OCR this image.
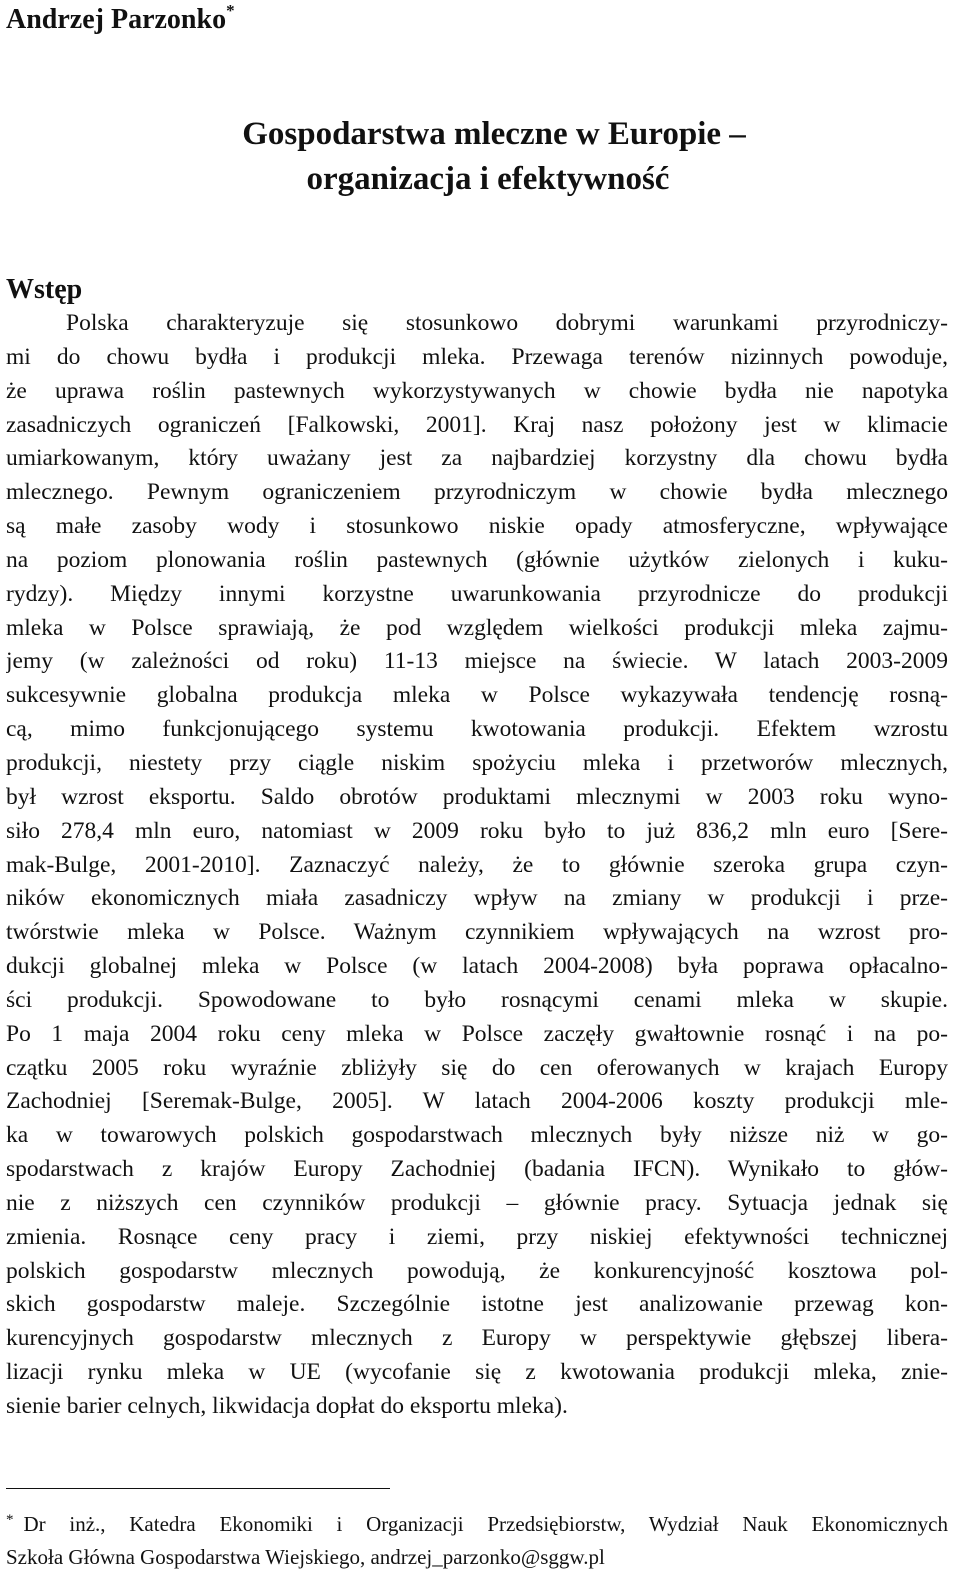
Andrzej Parzonko*
Gospodarstwa mleczne w Europie –
organizacja i efektywność
Wstęp
Polska charakteryzuje się stosunkowo dobrymi warunkami przyrodniczy-
mi do chowu bydła i produkcji mleka. Przewaga terenów nizinnych powoduje,
że uprawa roślin pastewnych wykorzystywanych w chowie bydła nie napotyka
zasadniczych ograniczeń [Falkowski, 2001]. Kraj nasz położony jest w klimacie
umiarkowanym, który uważany jest za najbardziej korzystny dla chowu bydła
mlecznego. Pewnym ograniczeniem przyrodniczym w chowie bydła mlecznego
są małe zasoby wody i stosunkowo niskie opady atmosferyczne, wpływające
na poziom plonowania roślin pastewnych (głównie użytków zielonych i kuku-
rydzy). Między innymi korzystne uwarunkowania przyrodnicze do produkcji
mleka w Polsce sprawiają, że pod względem wielkości produkcji mleka zajmu-
jemy (w zależności od roku) 11-13 miejsce na świecie. W latach 2003-2009
sukcesywnie globalna produkcja mleka w Polsce wykazywała tendencję rosną-
cą, mimo funkcjonującego systemu kwotowania produkcji. Efektem wzrostu
produkcji, niestety przy ciągle niskim spożyciu mleka i przetworów mlecznych,
był wzrost eksportu. Saldo obrotów produktami mlecznymi w 2003 roku wyno-
siło 278,4 mln euro, natomiast w 2009 roku było to już 836,2 mln euro [Sere-
mak-Bulge, 2001-2010]. Zaznaczyć należy, że to głównie szeroka grupa czyn-
ników ekonomicznych miała zasadniczy wpływ na zmiany w produkcji i prze-
twórstwie mleka w Polsce. Ważnym czynnikiem wpływających na wzrost pro-
dukcji globalnej mleka w Polsce (w latach 2004-2008) była poprawa opłacalno-
ści produkcji. Spowodowane to było rosnącymi cenami mleka w skupie.
Po 1 maja 2004 roku ceny mleka w Polsce zaczęły gwałtownie rosnąć i na po-
czątku 2005 roku wyraźnie zbliżyły się do cen oferowanych w krajach Europy
Zachodniej [Seremak-Bulge, 2005]. W latach 2004-2006 koszty produkcji mle-
ka w towarowych polskich gospodarstwach mlecznych były niższe niż w go-
spodarstwach z krajów Europy Zachodniej (badania IFCN). Wynikało to głów-
nie z niższych cen czynników produkcji – głównie pracy. Sytuacja jednak się
zmienia. Rosnące ceny pracy i ziemi, przy niskiej efektywności technicznej
polskich gospodarstw mlecznych powodują, że konkurencyjność kosztowa pol-
skich gospodarstw maleje. Szczególnie istotne jest analizowanie przewag kon-
kurencyjnych gospodarstw mlecznych z Europy w perspektywie głębszej libera-
lizacji rynku mleka w UE (wycofanie się z kwotowania produkcji mleka, znie-
sienie barier celnych, likwidacja dopłat do eksportu mleka).
* Dr inż., Katedra Ekonomiki i Organizacji Przedsiębiorstw, Wydział Nauk Ekonomicznych
Szkoła Główna Gospodarstwa Wiejskiego, andrzej_parzonko@sggw.pl
